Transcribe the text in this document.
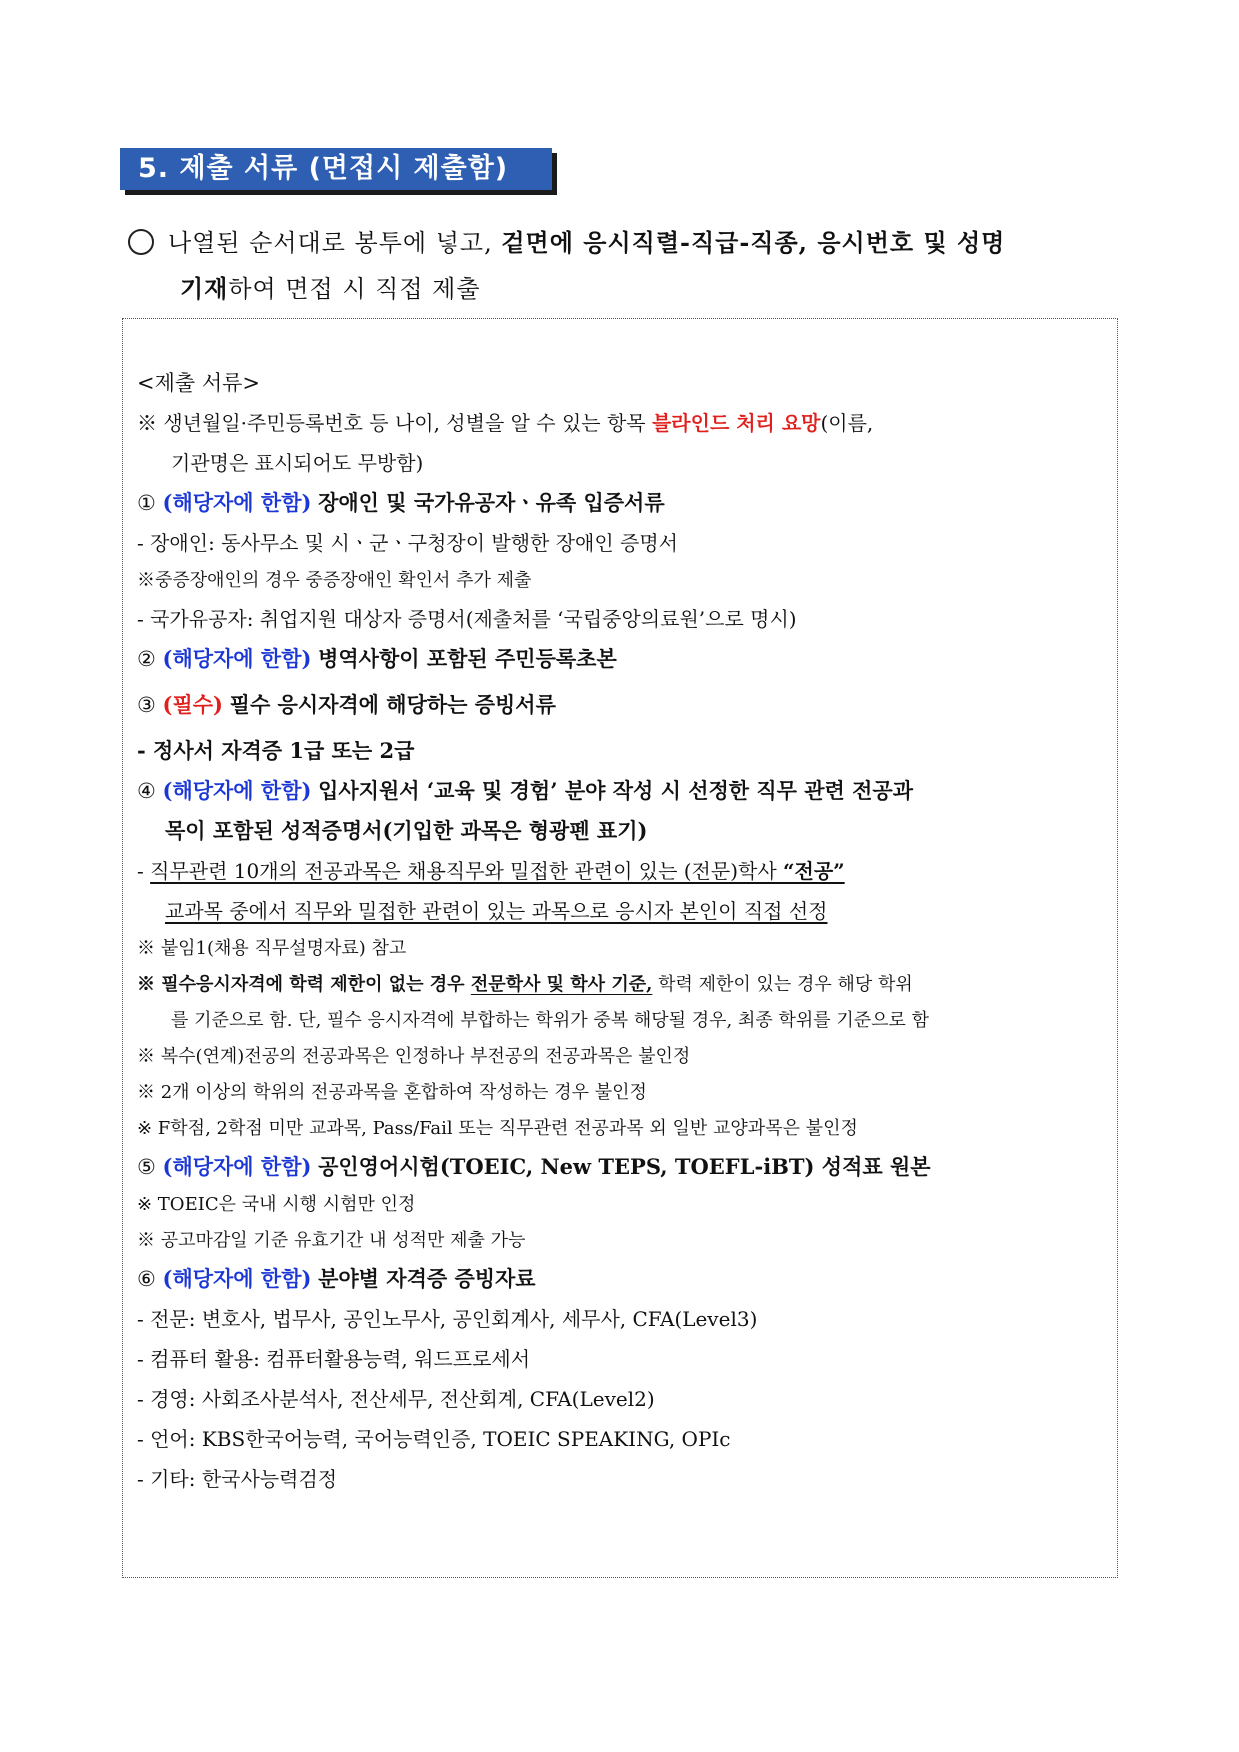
5. 제출 서류 (면접시 제출함)
나열된 순서대로 봉투에 넣고, 겉면에 응시직렬-직급-직종, 응시번호 및 성명
기재하여 면접 시 직접 제출
<제출 서류>
※ 생년월일·주민등록번호 등 나이, 성별을 알 수 있는 항목 블라인드 처리 요망(이름,
기관명은 표시되어도 무방함)
① (해당자에 한함) 장애인 및 국가유공자ㆍ유족 입증서류
- 장애인: 동사무소 및 시ㆍ군ㆍ구청장이 발행한 장애인 증명서
※중증장애인의 경우 중증장애인 확인서 추가 제출
- 국가유공자: 취업지원 대상자 증명서(제출처를 ‘국립중앙의료원’으로 명시)
② (해당자에 한함) 병역사항이 포함된 주민등록초본
③ (필수) 필수 응시자격에 해당하는 증빙서류
- 정사서 자격증 1급 또는 2급
④ (해당자에 한함) 입사지원서 ‘교육 및 경험’ 분야 작성 시 선정한 직무 관련 전공과
목이 포함된 성적증명서(기입한 과목은 형광펜 표기)
- 직무관련 10개의 전공과목은 채용직무와 밀접한 관련이 있는 (전문)학사 “전공”
교과목 중에서 직무와 밀접한 관련이 있는 과목으로 응시자 본인이 직접 선정
※ 붙임1(채용 직무설명자료) 참고
※ 필수응시자격에 학력 제한이 없는 경우 전문학사 및 학사 기준, 학력 제한이 있는 경우 해당 학위
를 기준으로 함. 단, 필수 응시자격에 부합하는 학위가 중복 해당될 경우, 최종 학위를 기준으로 함
※ 복수(연계)전공의 전공과목은 인정하나 부전공의 전공과목은 불인정
※ 2개 이상의 학위의 전공과목을 혼합하여 작성하는 경우 불인정
※ F학점, 2학점 미만 교과목, Pass/Fail 또는 직무관련 전공과목 외 일반 교양과목은 불인정
⑤ (해당자에 한함) 공인영어시험(TOEIC, New TEPS, TOEFL-iBT) 성적표 원본
※ TOEIC은 국내 시행 시험만 인정
※ 공고마감일 기준 유효기간 내 성적만 제출 가능
⑥ (해당자에 한함) 분야별 자격증 증빙자료
- 전문: 변호사, 법무사, 공인노무사, 공인회계사, 세무사, CFA(Level3)
- 컴퓨터 활용: 컴퓨터활용능력, 워드프로세서
- 경영: 사회조사분석사, 전산세무, 전산회계, CFA(Level2)
- 언어: KBS한국어능력, 국어능력인증, TOEIC SPEAKING, OPIc
- 기타: 한국사능력검정
